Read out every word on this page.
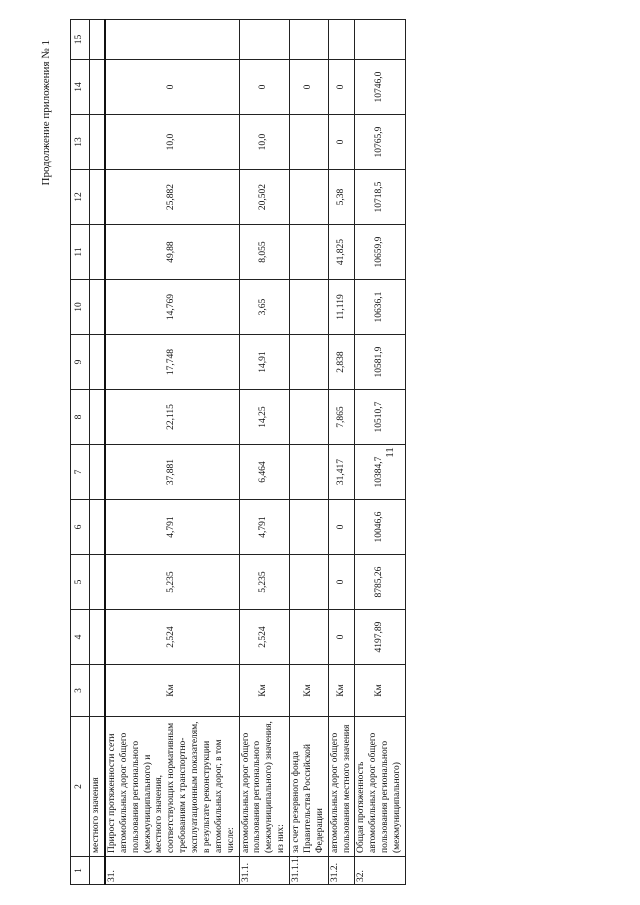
11
Продолжение приложения № 1
1	2	3	4	5	6	7	8	9	10	11	12	13	14	15
	местного значения													
31.	Прирост протяженности сети автомобильных дорог общего пользования регионального (межмуниципального) и местного значения, соответствующих нормативным требованиям к транспортно-эксплуатационным показателям, в результате реконструкции автомобильных дорог, в том числе:	Км	2,524	5,235	4,791	37,881	22,115	17,748	14,769	49,88	25,882	10,0	0	
31.1.	автомобильных дорог общего пользования регионального (межмуниципального) значения, из них:	Км	2,524	5,235	4,791	6,464	14,25	14,91	3,65	8,055	20,502	10,0	0	
31.1.1.	за счет резервного фонда Правительства Российской Федерации	Км											0	
31.2.	автомобильных дорог общего пользования местного значения	Км	0	0	0	31,417	7,865	2,838	11,119	41,825	5,38	0	0	
32.	Общая протяженность автомобильных дорог общего пользования регионального (межмуниципального)	Км	4197,89	8785,26	10046,6	10384,7	10510,7	10581,9	10636,1	10659,9	10718,5	10765,9	10746,0	
